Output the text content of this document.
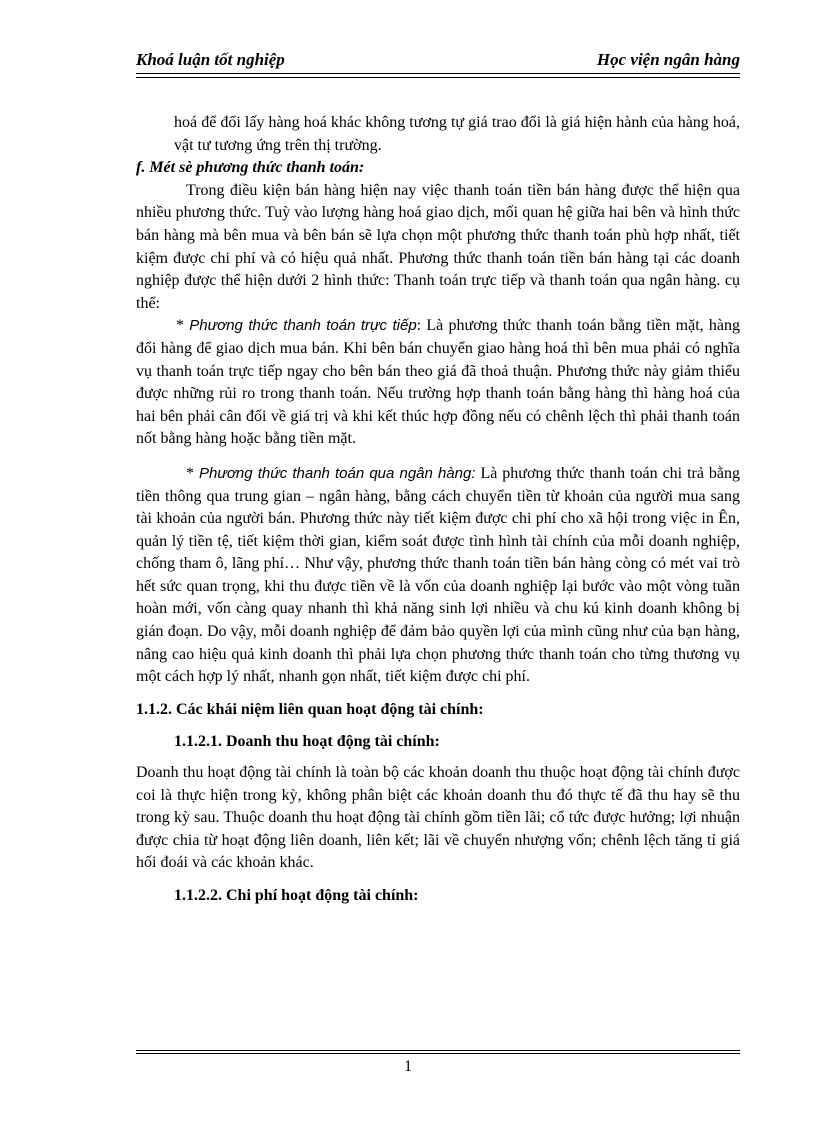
Khoá luận tốt nghiệp	Học viện ngân hàng

hoá để đổi lấy hàng hoá khác không tương tự giá trao đổi là giá hiện hành của hàng hoá, vật tư tương ứng trên thị trường.

f. Mét sè phương thức thanh toán:

Trong điều kiện bán hàng hiện nay việc thanh toán tiền bán hàng được thể hiện qua nhiều phương thức. Tuỳ vào lượng hàng hoá giao dịch, mối quan hệ giữa hai bên và hình thức bán hàng mà bên mua và bên bán sẽ lựa chọn một phương thức thanh toán phù hợp nhất, tiết kiệm được chi phí và có hiệu quả nhất. Phương thức thanh toán tiền bán hàng tại các doanh nghiệp được thể hiện dưới 2 hình thức: Thanh toán trực tiếp và thanh toán qua ngân hàng. cụ thể:

* Phương thức thanh toán trực tiếp: Là phương thức thanh toán bằng tiền mặt, hàng đổi hàng để giao dịch mua bán. Khi bên bán chuyển giao hàng hoá thì bên mua phải có nghĩa vụ thanh toán trực tiếp ngay cho bên bán theo giá đã thoả thuận. Phương thức này giảm thiểu được những rủi ro trong thanh toán. Nếu trường hợp thanh toán bằng hàng thì hàng hoá của hai bên phải cân đối về giá trị và khi kết thúc hợp đồng nếu có chênh lệch thì phải thanh toán nốt bằng hàng hoặc bằng tiền mặt.

* Phương thức thanh toán qua ngân hàng: Là phương thức thanh toán chi trả bằng tiền thông qua trung gian – ngân hàng, bằng cách chuyển tiền từ khoản của người mua sang tài khoản của người bán. Phương thức này tiết kiệm được chi phí cho xã hội trong việc in Ên, quản lý tiền tệ, tiết kiệm thời gian, kiểm soát được tình hình tài chính của mỗi doanh nghiệp, chống tham ô, lãng phí… Như vậy, phương thức thanh toán tiền bán hàng còng có mét vai trò hết sức quan trọng, khi thu được tiền về là vốn của doanh nghiệp lại bước vào một vòng tuần hoàn mới, vốn càng quay nhanh thì khả năng sinh lợi nhiều và chu kú kinh doanh không bị gián đoạn. Do vậy, mỗi doanh nghiệp để đảm bảo quyền lợi của mình cũng như của bạn hàng, nâng cao hiệu quả kinh doanh thì phải lựa chọn phương thức thanh toán cho từng thương vụ một cách hợp lý nhất, nhanh gọn nhất, tiết kiệm được chi phí.

1.1.2. Các khái niệm liên quan hoạt động tài chính:

1.1.2.1. Doanh thu hoạt động tài chính:

Doanh thu hoạt động tài chính là toàn bộ các khoản doanh thu thuộc hoạt động tài chính được coi là thực hiện trong kỳ, không phân biệt các khoản doanh thu đó thực tế đã thu hay sẽ thu trong kỳ sau. Thuộc doanh thu hoạt động tài chính gồm tiền lãi; cổ tức được hưởng; lợi nhuận được chia từ hoạt động liên doanh, liên kết; lãi về chuyển nhượng vốn; chênh lệch tăng tỉ giá hối đoái và các khoản khác.

1.1.2.2. Chi phí hoạt động tài chính:

1
